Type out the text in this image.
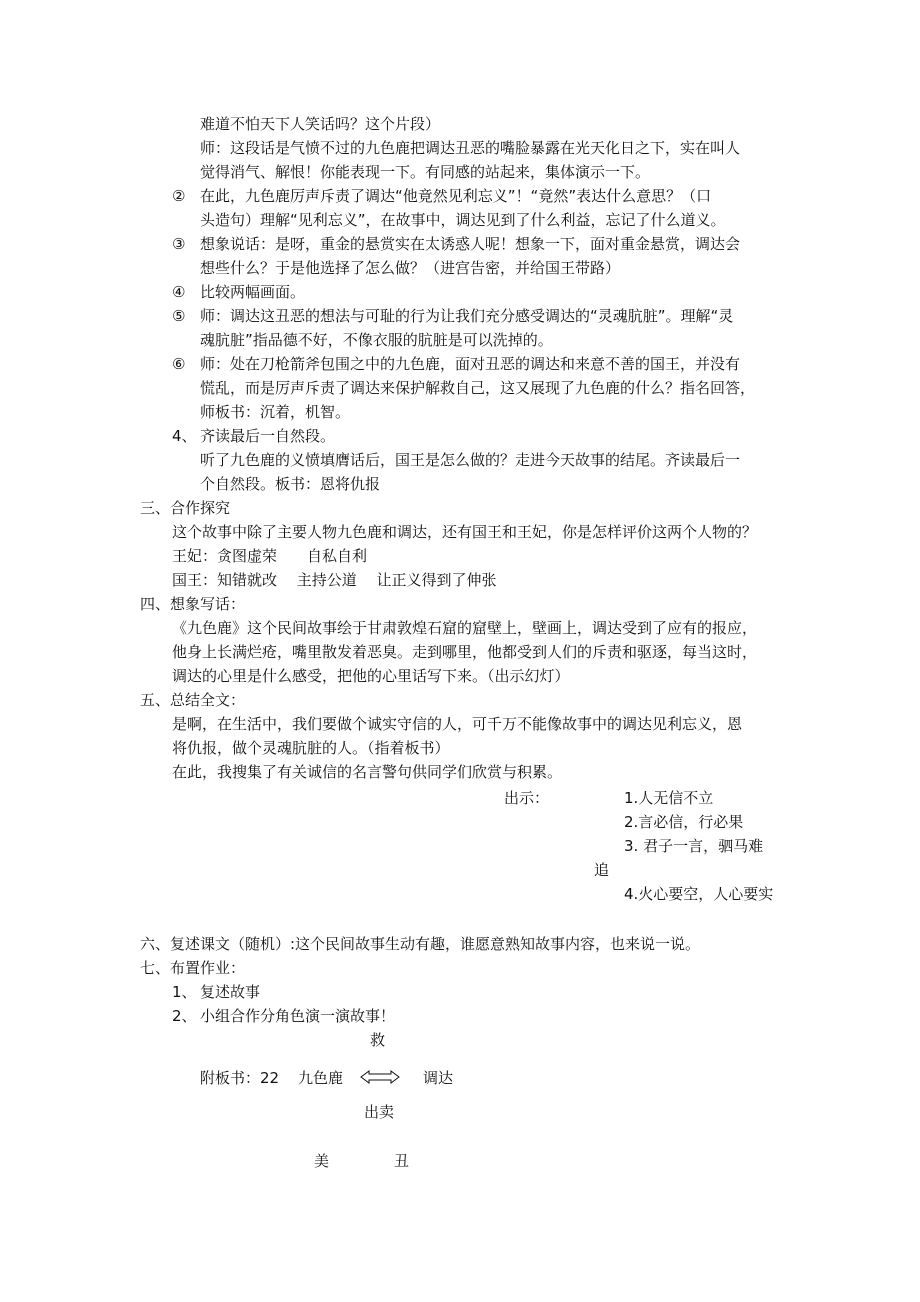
难道不怕天下人笑话吗？这个片段）
师：这段话是气愤不过的九色鹿把调达丑恶的嘴脸暴露在光天化日之下，实在叫人
觉得消气、解恨！你能表现一下。有同感的站起来，集体演示一下。
② 在此，九色鹿厉声斥责了调达“他竟然见利忘义”！“竟然”表达什么意思？（口
头造句）理解“见利忘义”，在故事中，调达见到了什么利益，忘记了什么道义。
③ 想象说话：是呀，重金的悬赏实在太诱惑人呢！想象一下，面对重金悬赏，调达会
想些什么？于是他选择了怎么做？（进宫告密，并给国王带路）
④ 比较两幅画面。
⑤ 师：调达这丑恶的想法与可耻的行为让我们充分感受调达的“灵魂肮脏”。理解“灵
魂肮脏”指品德不好，不像衣服的肮脏是可以洗掉的。
⑥ 师：处在刀枪箭斧包围之中的九色鹿，面对丑恶的调达和来意不善的国王，并没有
慌乱，而是厉声斥责了调达来保护解救自己，这又展现了九色鹿的什么？指名回答，
师板书：沉着，机智。
4、 齐读最后一自然段。
听了九色鹿的义愤填膺话后，国王是怎么做的？走进今天故事的结尾。齐读最后一
个自然段。板书：恩将仇报
三、合作探究
这个故事中除了主要人物九色鹿和调达，还有国王和王妃，你是怎样评价这两个人物的？
王妃：贪图虚荣　　自私自利
国王：知错就改　 主持公道　 让正义得到了伸张
四、想象写话：
《九色鹿》这个民间故事绘于甘肃敦煌石窟的窟壁上，壁画上，调达受到了应有的报应，
他身上长满烂疮，嘴里散发着恶臭。走到哪里，他都受到人们的斥责和驱逐，每当这时，
调达的心里是什么感受，把他的心里话写下来。（出示幻灯）
五、总结全文：
是啊，在生活中，我们要做个诚实守信的人，可千万不能像故事中的调达见利忘义，恩
将仇报，做个灵魂肮脏的人。（指着板书）
在此，我搜集了有关诚信的名言警句供同学们欣赏与积累。
出示：	1.人无信不立
2.言必信，行必果
3. 君子一言，驷马难
追
4.火心要空，人心要实
六、复述课文（随机）:这个民间故事生动有趣，谁愿意熟知故事内容，也来说一说。
七、布置作业：
1、 复述故事
2、 小组合作分角色演一演故事！
救
附板书：22 九色鹿	调达
出卖
美	丑
